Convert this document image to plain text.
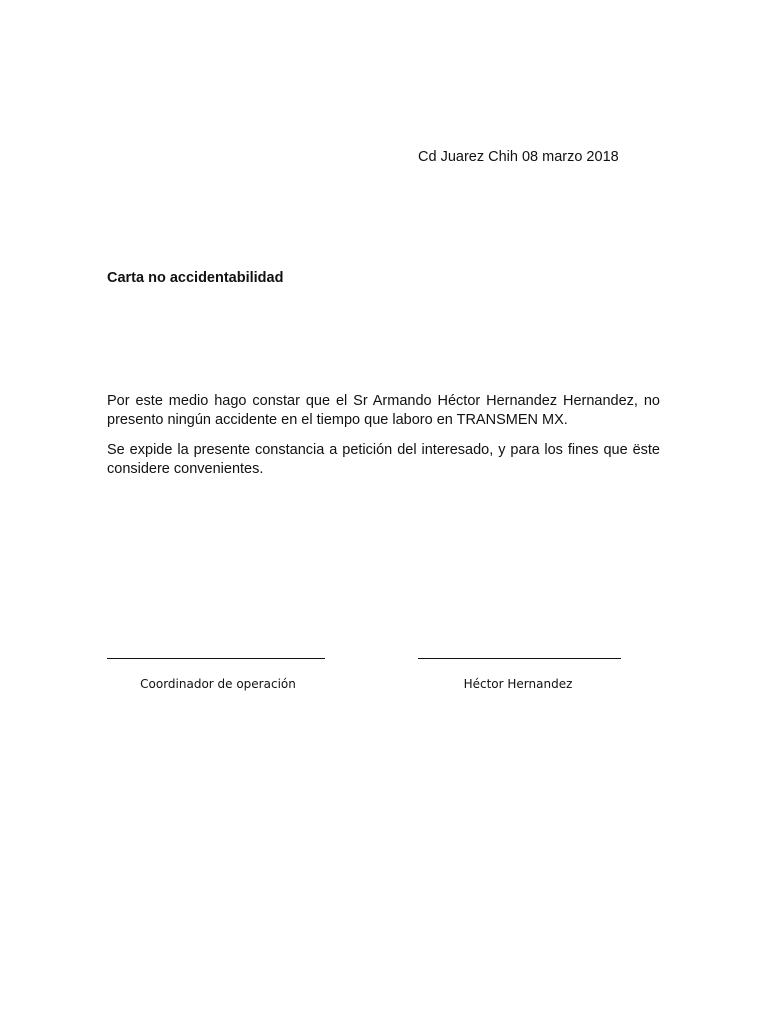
Cd Juarez Chih 08 marzo 2018
Carta no accidentabilidad

Por este medio hago constar que el Sr Armando Héctor Hernandez Hernandez, no presento ningún accidente en el tiempo que laboro en TRANSMEN MX.

Se expide la presente constancia a petición del interesado, y para los fines que ëste considere convenientes.

Coordinador de operación	Héctor Hernandez
